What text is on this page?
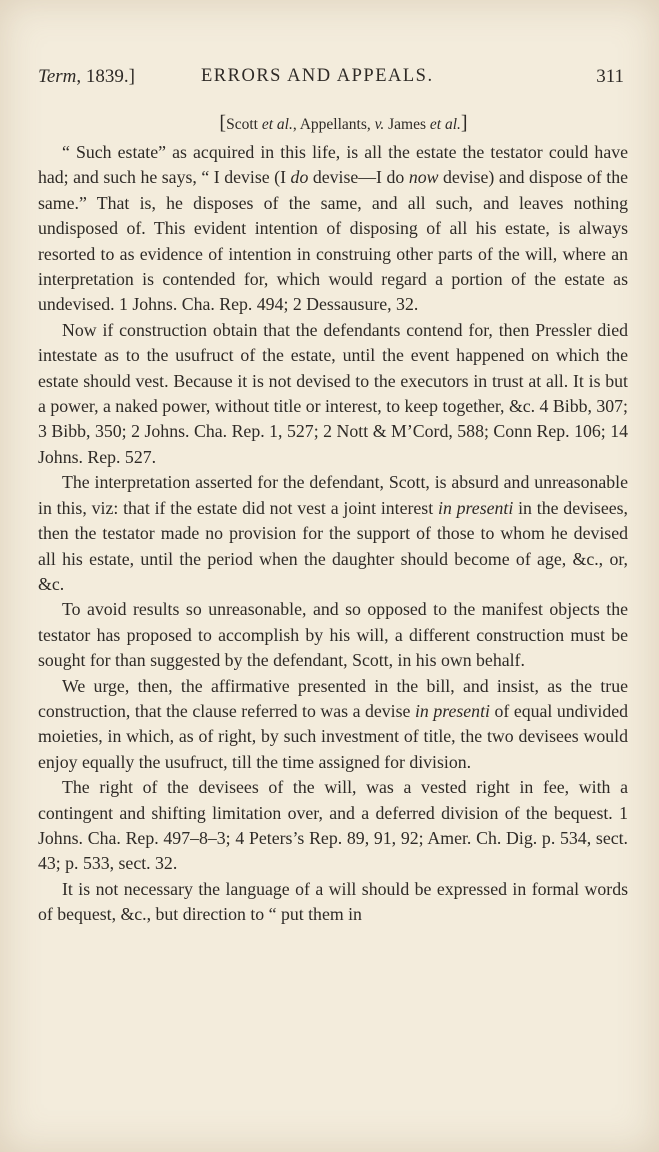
Term, 1839.]	ERRORS AND APPEALS.	311
[Scott et al., Appellants, v. James et al.]

“ Such estate” as acquired in this life, is all the estate the testator could have had; and such he says, “ I devise (I do devise—I do now devise) and dispose of the same.” That is, he disposes of the same, and all such, and leaves nothing undisposed of. This evident intention of disposing of all his estate, is always resorted to as evidence of intention in construing other parts of the will, where an interpretation is contended for, which would regard a portion of the estate as undevised. 1 Johns. Cha. Rep. 494; 2 Dessausure, 32.

Now if construction obtain that the defendants contend for, then Pressler died intestate as to the usufruct of the estate, until the event happened on which the estate should vest. Because it is not devised to the executors in trust at all. It is but a power, a naked power, without title or interest, to keep together, &c. 4 Bibb, 307; 3 Bibb, 350; 2 Johns. Cha. Rep. 1, 527; 2 Nott & M’Cord, 588; Conn Rep. 106; 14 Johns. Rep. 527.

The interpretation asserted for the defendant, Scott, is absurd and unreasonable in this, viz: that if the estate did not vest a joint interest in presenti in the devisees, then the testator made no provision for the support of those to whom he devised all his estate, until the period when the daughter should become of age, &c., or, &c.

To avoid results so unreasonable, and so opposed to the manifest objects the testator has proposed to accomplish by his will, a different construction must be sought for than suggested by the defendant, Scott, in his own behalf.

We urge, then, the affirmative presented in the bill, and insist, as the true construction, that the clause referred to was a devise in presenti of equal undivided moieties, in which, as of right, by such investment of title, the two devisees would enjoy equally the usufruct, till the time assigned for division.

The right of the devisees of the will, was a vested right in fee, with a contingent and shifting limitation over, and a deferred division of the bequest. 1 Johns. Cha. Rep. 497–8–3; 4 Peters’s Rep. 89, 91, 92; Amer. Ch. Dig. p. 534, sect. 43; p. 533, sect. 32.

It is not necessary the language of a will should be expressed in formal words of bequest, &c., but direction to “ put them in
